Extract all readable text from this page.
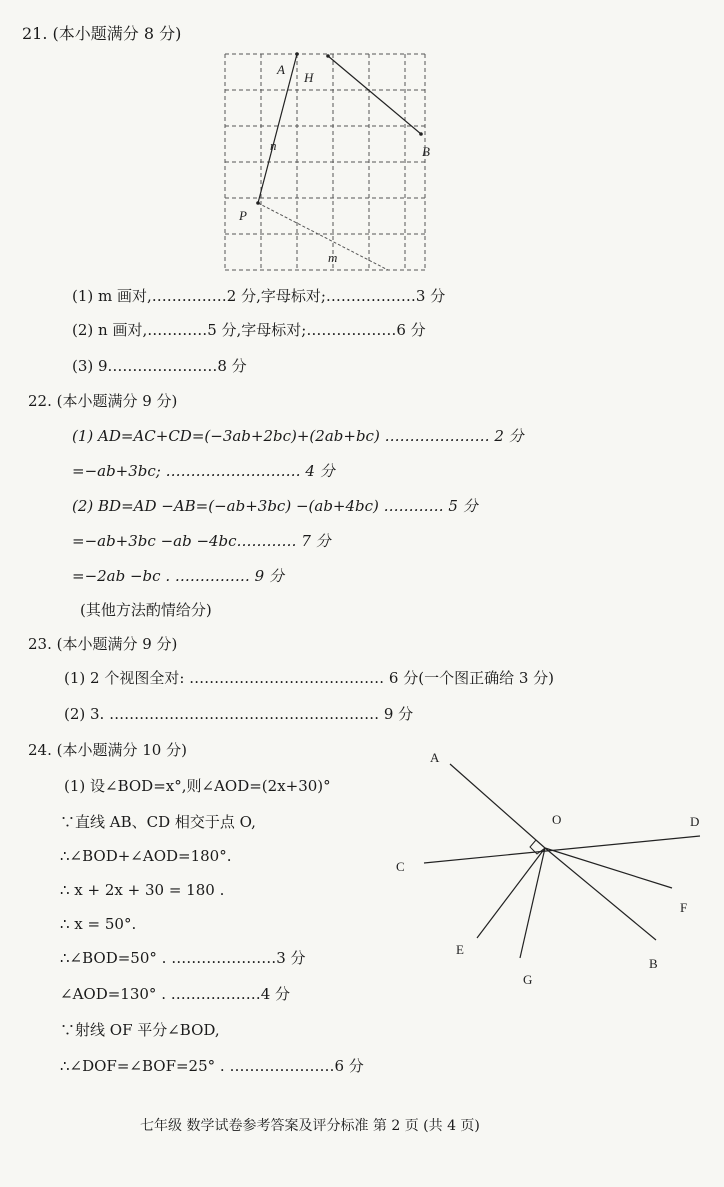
21. (本小题满分 8 分)
A
H
B
n
P
m
(1) m 画对,……………2 分,字母标对;………………3 分
(2) n 画对,…………5 分,字母标对;………………6 分
(3) 9.…………………8 分
22. (本小题满分 9 分)
(1) AD=AC+CD=(−3ab+2bc)+(2ab+bc) ………………… 2 分
=−ab+3bc; ……………………… 4 分
(2) BD=AD −AB=(−ab+3bc) −(ab+4bc) ………… 5 分
=−ab+3bc −ab −4bc………… 7 分
=−2ab −bc . …………… 9 分
(其他方法酌情给分)
23. (本小题满分 9 分)
(1) 2 个视图全对: ………………………………… 6 分(一个图正确给 3 分)
(2) 3. ……………………………………………… 9 分
24. (本小题满分 10 分)
(1) 设∠BOD=x°,则∠AOD=(2x+30)°
∵直线 AB、CD 相交于点 O,
∴∠BOD+∠AOD=180°.
∴ x + 2x + 30 = 180 .
∴ x = 50°.
∴∠BOD=50° . …………………3 分
∠AOD=130° . ………………4 分
∵射线 OF 平分∠BOD,
∴∠DOF=∠BOF=25° . …………………6 分
A
O	D
C
F
E
B
G
七年级 数学试卷参考答案及评分标准 第 2 页 (共 4 页)
